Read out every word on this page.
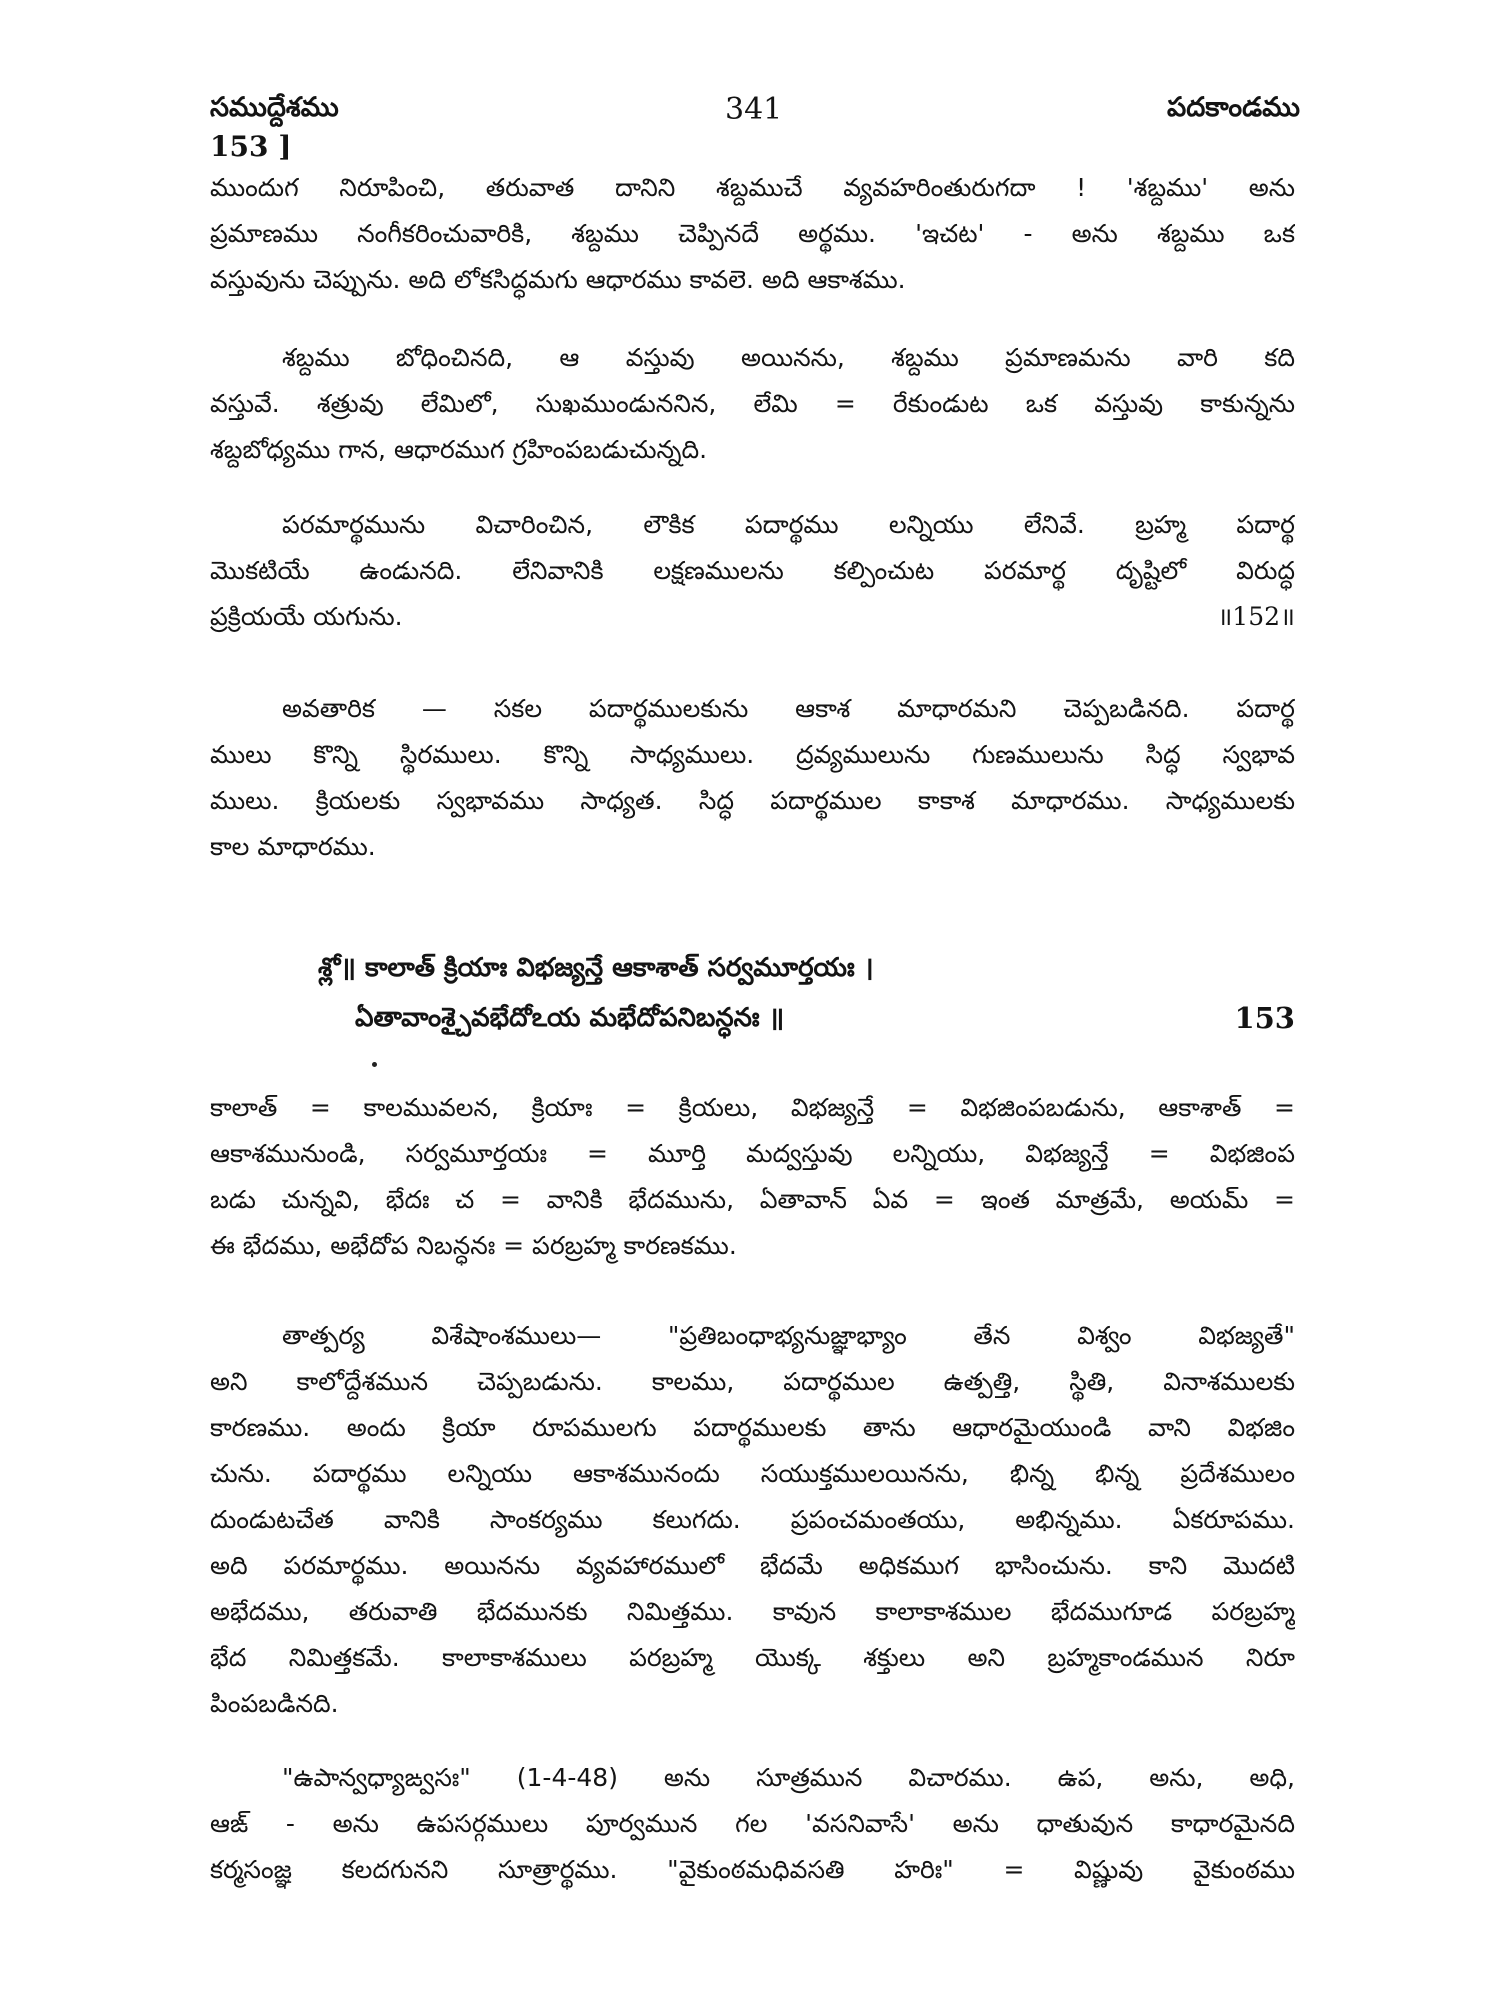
సముద్దేశము	341	పదకాండము
153 ]
ముందుగ నిరూపించి, తరువాత దానిని శబ్దముచే వ్యవహరింతురుగదా ! 'శబ్దము' అను
ప్రమాణము నంగీకరించువారికి, శబ్దము చెప్పినదే అర్థము. 'ఇచట' - అను శబ్దము ఒక
వస్తువును చెప్పును. అది లోకసిద్ధమగు ఆధారము కావలె. అది ఆకాశము.
శబ్దము బోధించినది, ఆ వస్తువు అయినను, శబ్దము ప్రమాణమను వారి కది
వస్తువే. శత్రువు లేమిలో, సుఖముండుననిన, లేమి = రేకుండుట ఒక వస్తువు కాకున్నను
శబ్దబోధ్యము గాన, ఆధారముగ గ్రహింపబడుచున్నది.
పరమార్థమును విచారించిన, లౌకిక పదార్థము లన్నియు లేనివే. బ్రహ్మ పదార్థ
మొకటియే ఉండునది. లేనివానికి లక్షణములను కల్పించుట పరమార్థ దృష్టిలో విరుద్ధ
ప్రక్రియయే యగును.	॥152॥
అవతారిక — సకల పదార్థములకును ఆకాశ మాధారమని చెప్పబడినది. పదార్థ
ములు కొన్ని స్థిరములు. కొన్ని సాధ్యములు. ద్రవ్యములును గుణములును సిద్ధ స్వభావ
ములు. క్రియలకు స్వభావము సాధ్యత. సిద్ధ పదార్థముల కాకాశ మాధారము. సాధ్యములకు
కాల మాధారము.
శ్లో॥ కాలాత్ క్రియాః విభజ్యన్తే ఆకాశాత్ సర్వమూర్తయః ।
ఏతావాంశ్చైవభేదోఽయ మభేదోపనిబన్ధనః ॥	153
కాలాత్ = కాలమువలన, క్రియాః = క్రియలు, విభజ్యన్తే = విభజింపబడును, ఆకాశాత్ =
ఆకాశమునుండి, సర్వమూర్తయః = మూర్తి మద్వస్తువు లన్నియు, విభజ్యన్తే = విభజింప
బడు చున్నవి, భేదః చ = వానికి భేదమును, ఏతావాన్ ఏవ = ఇంత మాత్రమే, అయమ్ =
ఈ భేదము, అభేదోప నిబన్ధనః = పరబ్రహ్మ కారణకము.
తాత్పర్య విశేషాంశములు— "ప్రతిబంధాభ్యనుజ్ఞాభ్యాం తేన విశ్వం విభజ్యతే"
అని కాలోద్దేశమున చెప్పబడును. కాలము, పదార్థముల ఉత్పత్తి, స్థితి, వినాశములకు
కారణము. అందు క్రియా రూపములగు పదార్థములకు తాను ఆధారమైయుండి వాని విభజిం
చును. పదార్థము లన్నియు ఆకాశమునందు సయుక్తములయినను, భిన్న భిన్న ప్రదేశములం
దుండుటచేత వానికి సాంకర్యము కలుగదు. ప్రపంచమంతయు, అభిన్నము. ఏకరూపము.
అది పరమార్థము. అయినను వ్యవహారములో భేదమే అధికముగ భాసించును. కాని మొదటి
అభేదము, తరువాతి భేదమునకు నిమిత్తము. కావున కాలాకాశముల భేదముగూడ పరబ్రహ్మ
భేద నిమిత్తకమే. కాలాకాశములు పరబ్రహ్మ యొక్క శక్తులు అని బ్రహ్మకాండమున నిరూ
పింపబడినది.
"ఉపాన్వధ్యాఙ్వసః" (1-4-48) అను సూత్రమున విచారము. ఉప, అను, అధి,
ఆఙ్ - అను ఉపసర్గములు పూర్వమున గల 'వసనివాసే' అను ధాతువున కాధారమైనది
కర్మసంజ్ఞ కలదగునని సూత్రార్థము. "వైకుంఠమధివసతి హరిః" = విష్ణువు వైకుంఠము
